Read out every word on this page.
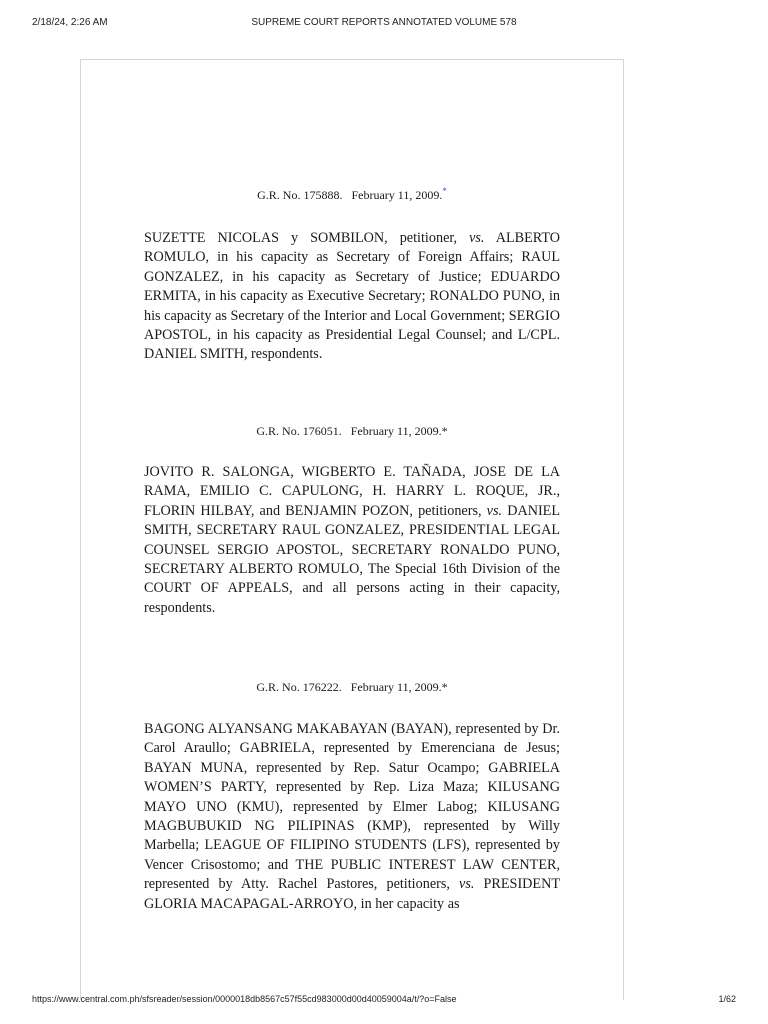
2/18/24, 2:26 AM	SUPREME COURT REPORTS ANNOTATED VOLUME 578
G.R. No. 175888. February 11, 2009.*

SUZETTE NICOLAS y SOMBILON, petitioner, vs. ALBERTO ROMULO, in his capacity as Secretary of Foreign Affairs; RAUL GONZALEZ, in his capacity as Secretary of Justice; EDUARDO ERMITA, in his capacity as Executive Secretary; RONALDO PUNO, in his capacity as Secretary of the Interior and Local Government; SERGIO APOSTOL, in his capacity as Presidential Legal Counsel; and L/CPL. DANIEL SMITH, respondents.

G.R. No. 176051. February 11, 2009.*

JOVITO R. SALONGA, WIGBERTO E. TAÑADA, JOSE DE LA RAMA, EMILIO C. CAPULONG, H. HARRY L. ROQUE, JR., FLORIN HILBAY, and BENJAMIN POZON, petitioners, vs. DANIEL SMITH, SECRETARY RAUL GONZALEZ, PRESIDENTIAL LEGAL COUNSEL SERGIO APOSTOL, SECRETARY RONALDO PUNO, SECRETARY ALBERTO ROMULO, The Special 16th Division of the COURT OF APPEALS, and all persons acting in their capacity, respondents.

G.R. No. 176222. February 11, 2009.*

BAGONG ALYANSANG MAKABAYAN (BAYAN), represented by Dr. Carol Araullo; GABRIELA, represented by Emerenciana de Jesus; BAYAN MUNA, represented by Rep. Satur Ocampo; GABRIELA WOMEN’S PARTY, represented by Rep. Liza Maza; KILUSANG MAYO UNO (KMU), represented by Elmer Labog; KILUSANG MAGBUBUKID NG PILIPINAS (KMP), represented by Willy Marbella; LEAGUE OF FILIPINO STUDENTS (LFS), represented by Vencer Crisostomo; and THE PUBLIC INTEREST LAW CENTER, represented by Atty. Rachel Pastores, petitioners, vs. PRESIDENT GLORIA MACAPAGAL-ARROYO, in her capacity as

https://www.central.com.ph/sfsreader/session/0000018db8567c57f55cd983000d00d40059004a/t/?o=False	1/62
